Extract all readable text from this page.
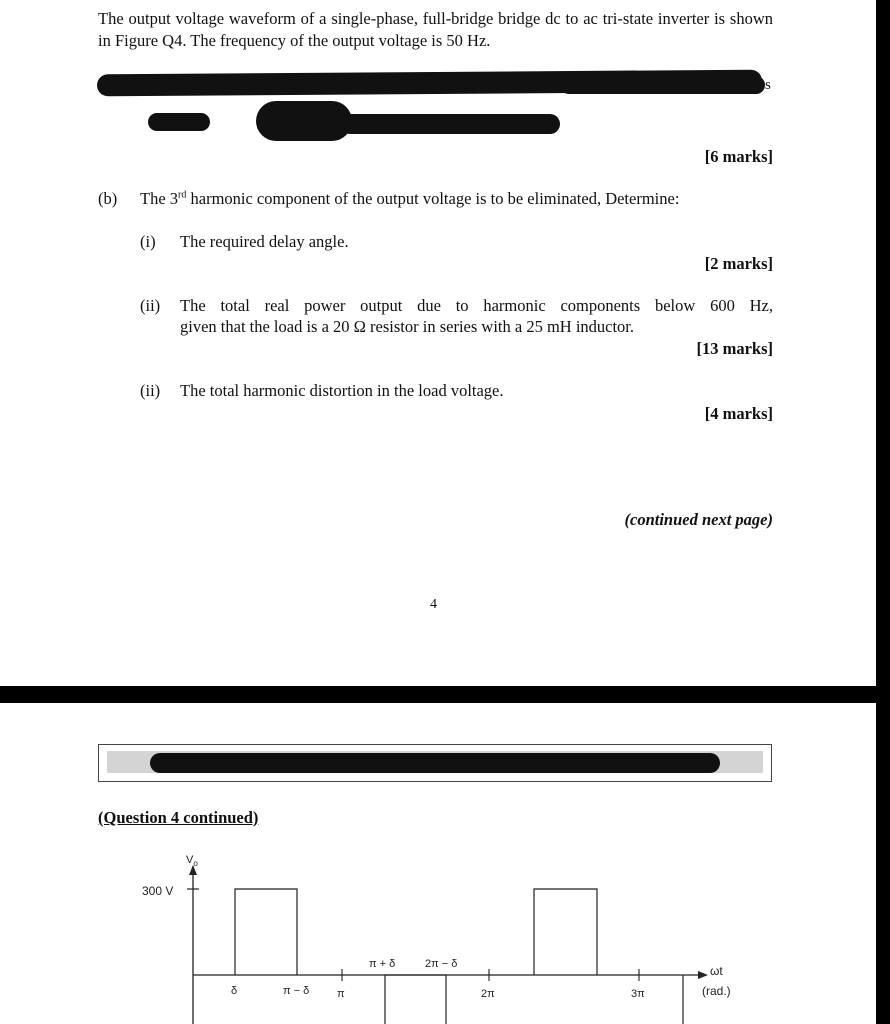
The output voltage waveform of a single-phase, full-bridge bridge dc to ac tri-state inverter is shown in Figure Q4. The frequency of the output voltage is 50 Hz.
s
[6 marks]
(b) The 3rd harmonic component of the output voltage is to be eliminated, Determine:
(i) The required delay angle.
[2 marks]
(ii) The total real power output due to harmonic components below 600 Hz,
given that the load is a 20 Ω resistor in series with a 25 mH inductor.
[13 marks]
(ii) The total harmonic distortion in the load voltage.
[4 marks]
(continued next page)
4
(Question 4 continued)
$V_o$
300 V
ωt
(rad.)
δ	π − δ	π	2π	3π
π + δ	2π − δ
